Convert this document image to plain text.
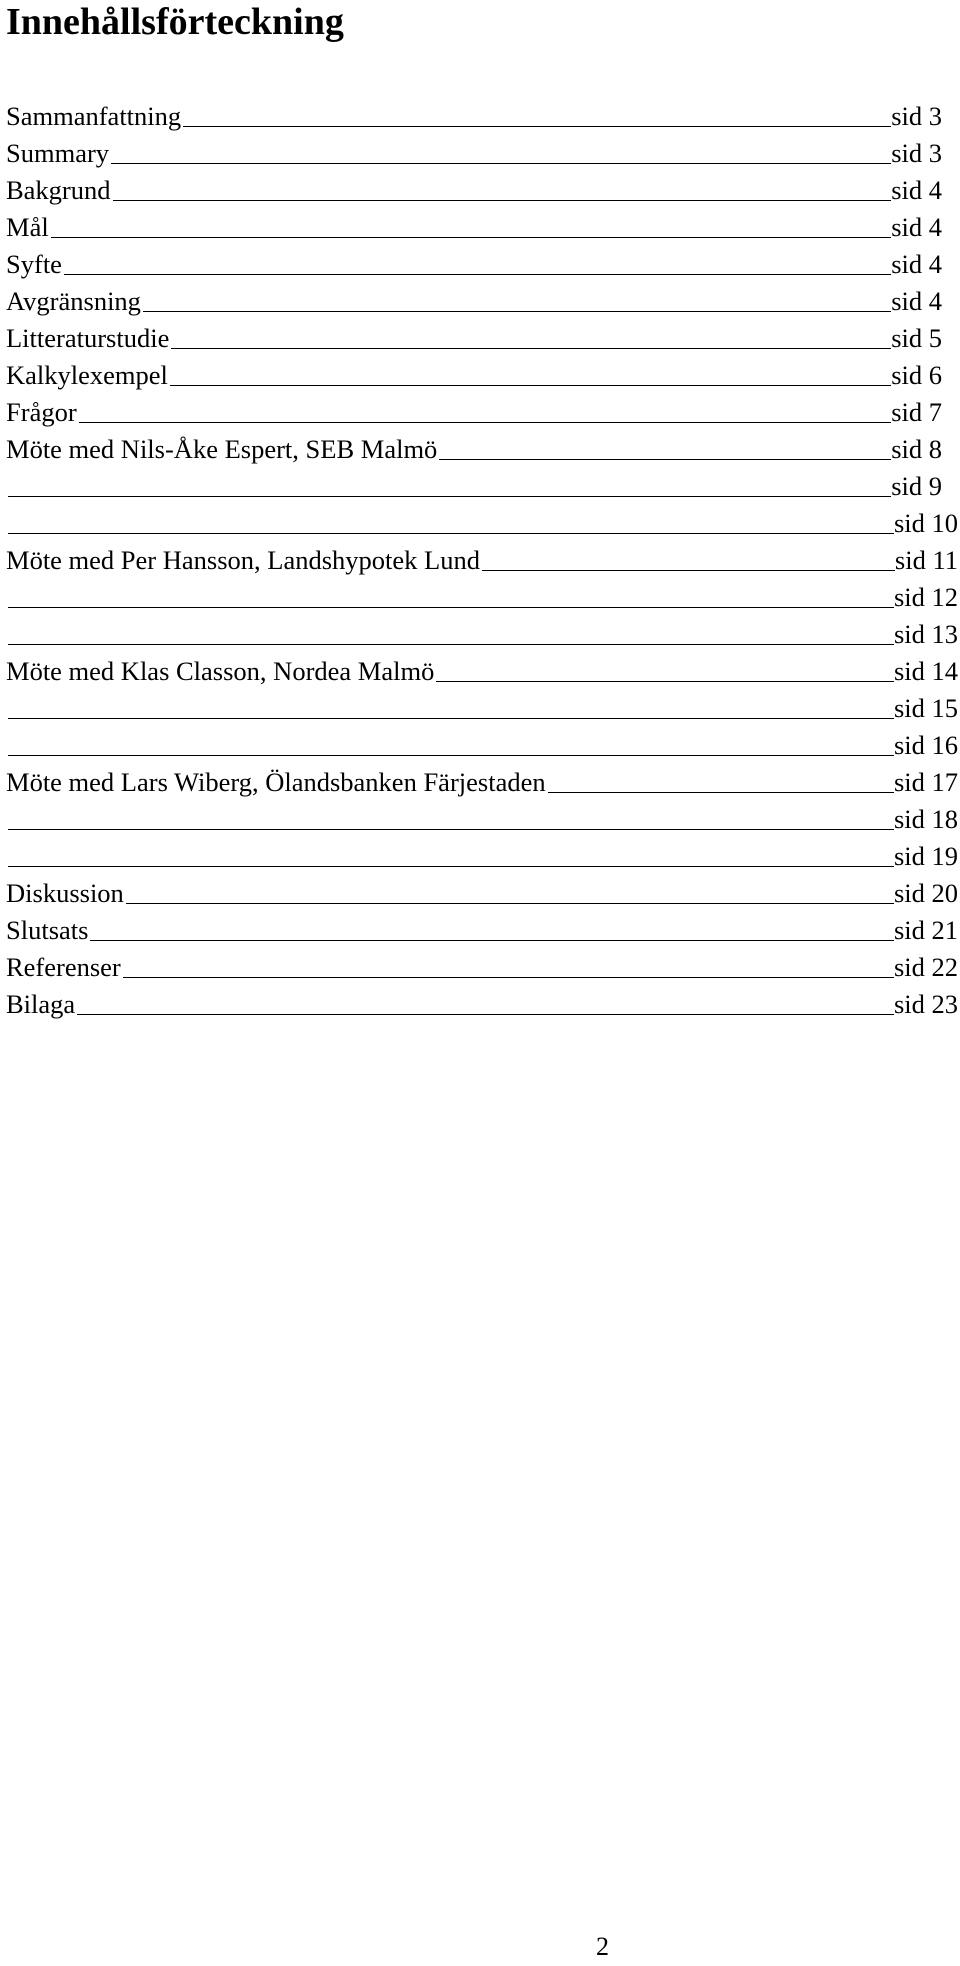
Innehållsförteckning
Sammanfattning	sid 3
Summary	sid 3
Bakgrund	sid 4
Mål	sid 4
Syfte	sid 4
Avgränsning	sid 4
Litteraturstudie	sid 5
Kalkylexempel	sid 6
Frågor	sid 7
Möte med Nils-Åke Espert, SEB Malmö	sid 8
sid 9
sid 10
Möte med Per Hansson, Landshypotek Lund	sid 11
sid 12
sid 13
Möte med Klas Classon, Nordea Malmö	sid 14
sid 15
sid 16
Möte med Lars Wiberg, Ölandsbanken Färjestaden	sid 17
sid 18
sid 19
Diskussion	sid 20
Slutsats	sid 21
Referenser	sid 22
Bilaga	sid 23
2
